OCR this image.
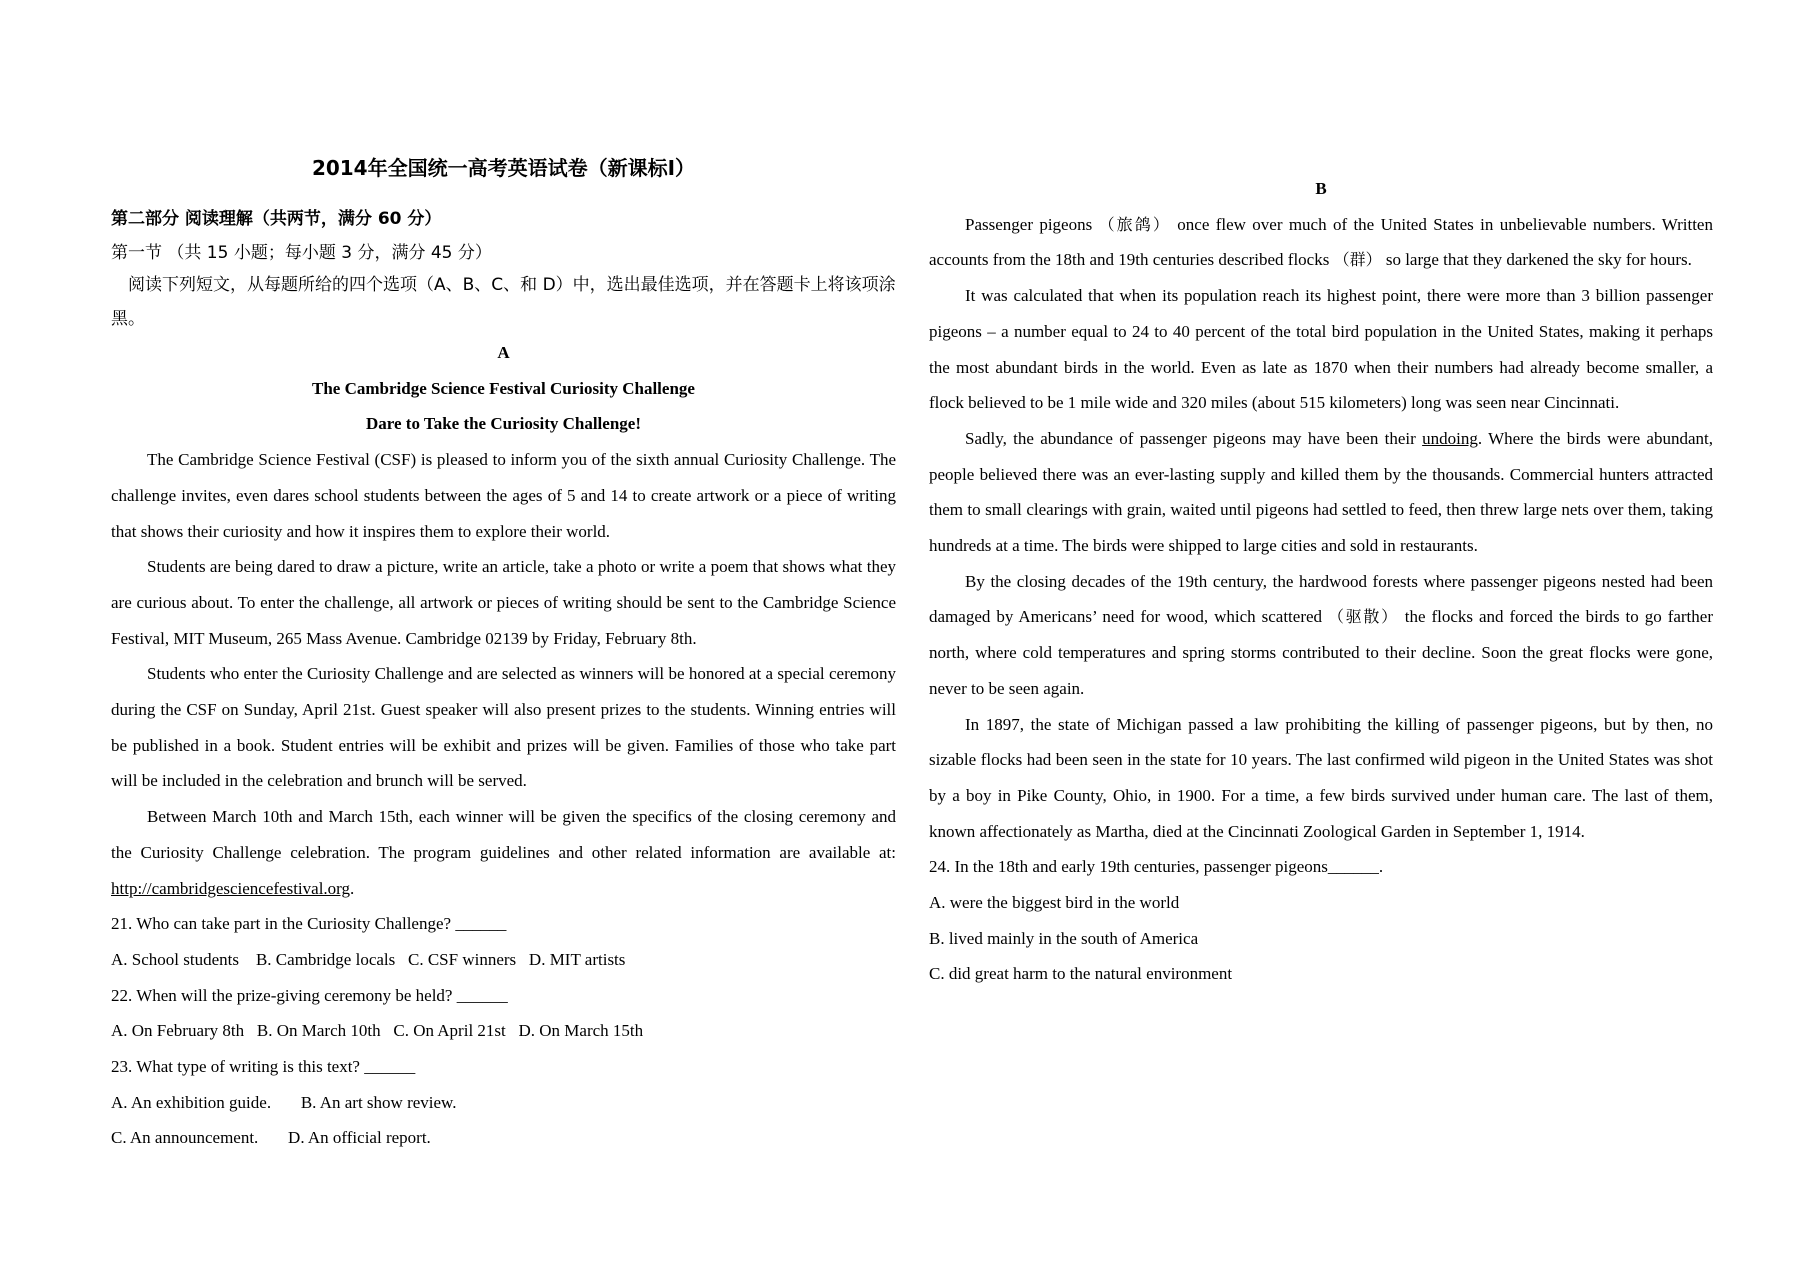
2014年全国统一高考英语试卷（新课标I）
第二部分 阅读理解（共两节，满分 60 分）
第一节 （共 15 小题；每小题 3 分，满分 45 分）
阅读下列短文，从每题所给的四个选项（A、B、C、和 D）中，选出最佳选项，并在答题卡上将该项涂黑。

A

The Cambridge Science Festival Curiosity Challenge

Dare to Take the Curiosity Challenge!

The Cambridge Science Festival (CSF) is pleased to inform you of the sixth annual Curiosity Challenge. The challenge invites, even dares school students between the ages of 5 and 14 to create artwork or a piece of writing that shows their curiosity and how it inspires them to explore their world.

Students are being dared to draw a picture, write an article, take a photo or write a poem that shows what they are curious about. To enter the challenge, all artwork or pieces of writing should be sent to the Cambridge Science Festival, MIT Museum, 265 Mass Avenue. Cambridge 02139 by Friday, February 8th.

Students who enter the Curiosity Challenge and are selected as winners will be honored at a special ceremony during the CSF on Sunday, April 21st. Guest speaker will also present prizes to the students. Winning entries will be published in a book. Student entries will be exhibit and prizes will be given. Families of those who take part will be included in the celebration and brunch will be served.

Between March 10th and March 15th, each winner will be given the specifics of the closing ceremony and the Curiosity Challenge celebration. The program guidelines and other related information are available at: http://cambridgesciencefestival.org.

21. Who can take part in the Curiosity Challenge? ______

A. School students    B. Cambridge locals   C. CSF winners   D. MIT artists

22. When will the prize-giving ceremony be held? ______

A. On February 8th   B. On March 10th   C. On April 21st   D. On March 15th

23. What type of writing is this text? ______

A. An exhibition guide.       B. An art show review.

C. An announcement.       D. An official report.

B

Passenger pigeons （旅鸽） once flew over much of the United States in unbelievable numbers. Written accounts from the 18th and 19th centuries described flocks （群） so large that they darkened the sky for hours.

It was calculated that when its population reach its highest point, there were more than 3 billion passenger pigeons – a number equal to 24 to 40 percent of the total bird population in the United States, making it perhaps the most abundant birds in the world. Even as late as 1870 when their numbers had already become smaller, a flock believed to be 1 mile wide and 320 miles (about 515 kilometers) long was seen near Cincinnati.

Sadly, the abundance of passenger pigeons may have been their undoing. Where the birds were abundant, people believed there was an ever-lasting supply and killed them by the thousands. Commercial hunters attracted them to small clearings with grain, waited until pigeons had settled to feed, then threw large nets over them, taking hundreds at a time. The birds were shipped to large cities and sold in restaurants.

By the closing decades of the 19th century, the hardwood forests where passenger pigeons nested had been damaged by Americans’ need for wood, which scattered （驱散） the flocks and forced the birds to go farther north, where cold temperatures and spring storms contributed to their decline. Soon the great flocks were gone, never to be seen again.

In 1897, the state of Michigan passed a law prohibiting the killing of passenger pigeons, but by then, no sizable flocks had been seen in the state for 10 years. The last confirmed wild pigeon in the United States was shot by a boy in Pike County, Ohio, in 1900. For a time, a few birds survived under human care. The last of them, known affectionately as Martha, died at the Cincinnati Zoological Garden in September 1, 1914.

24. In the 18th and early 19th centuries, passenger pigeons______.

A. were the biggest bird in the world

B. lived mainly in the south of America

C. did great harm to the natural environment
